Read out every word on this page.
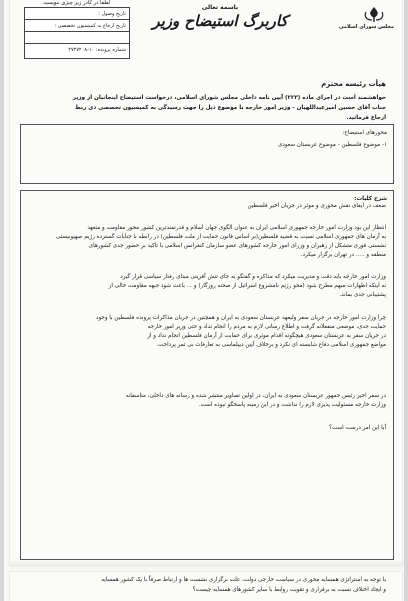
مجلس شورای اسلامی
باسمه تعالی
کاربرگ استیضاح وزیر
لطفاً در کادر زیر چیزی ننویسید.
تاریخ وصول :
تاریخ ارجاع به کمیسیون تخصصی :
شماره پرونده: ۱۰-۲۷۲۷۲۰۸
هیأت رئیسه محترم
خواهشمند است در اجرای ماده (۲۲۳) آیین نامه داخلی مجلس شورای اسلامی، درخواست استیضاح اینجانبان از وزیر
جناب آقای حسین امیرعبداللهیان - وزیر امور خارجه با موضوع ذیل را جهت رسیدگی به کمیسیون تخصصی ذی ربط
ارجاع فرمائید.
محورهای استیضاح:
۱- موضوع فلسطین - موضوع عربستان سعودی
شرح کلیات:
ضعف در ایفای نقش محوری و موثر در جریان اخیر فلسطین
انتظار این بود وزارت امور خارجه جمهوری اسلامی ایران به عنوان الگوی جهان اسلام و قدرتمندترین کشور محور مقاومت و متعهد
به آرمان های جمهوری اسلامی نسبت به قضیه فلسطین(بر اساس قانون حمایت از ملت فلسطین) در رابطه با جنایات گسترده رژیم صهیونیستی
نشستی فوری متشکل از رهبران و وزرای امور خارجه کشورهای عضو سازمان کنفرانس اسلامی با تاکید بر حضور جدی کشورهای
منطقه و ..... در تهران برگزار میکرد.
وزارت امور خارجه باید دقت و مدیریت میکرد که مذاکره و گفتگو به جای تنش آفرینی مبنای رفتار سیاسی قرار گیرد
نه اینکه اظهارات مبهم مطرح شود (محو رژیم نامشروع اسرائیل از صحنه روزگار) و ... باعث شود جبهه مقاومت خالی از
پشتیبانی جدی بماند.
چرا وزارت امور خارجه در جریان سفر ولیعهد عربستان سعودی به ایران و همچنین در جریان مذاکرات پرونده فلسطین با وجود
حمایت جدی، موضعی منفعلانه گرفت و اطلاع رسانی لازم به مردم را انجام نداد و حتی وزیر امور خارجه
در جریان سفر به عربستان سعودی هیچگونه اقدام موثری برای حمایت از آرمان فلسطین انجام نداد و از
مواضع جمهوری اسلامی دفاع شایسته ای نکرد و برخلاف آیین دیپلماسی به تعارفات بی ثمر پرداخت.
در سفر اخیر رئیس جمهور عربستان سعودی به ایران، در اولین تصاویر منتشر شده و رسانه های داخلی، متاسفانه
وزارت خارجه مسئولیت پذیری لازم را نداشت و در این زمینه پاسخگو نبوده است.
آیا این امر درست است؟
با توجه به استراتژی همسایه محوری در سیاست خارجی دولت، علت برگزاری نشست ها و ارتباط صرفاً با یک کشور همسایه
و ایجاد اختلاف نسبت به برقراری و تقویت روابط با سایر کشورهای همسایه چیست؟
